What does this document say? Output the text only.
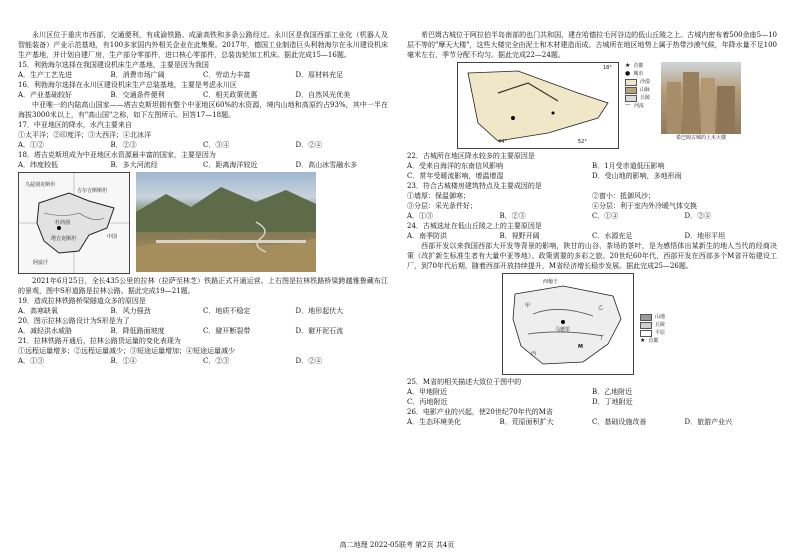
永川区位于重庆市西部，交通便利，有成渝铁路、成渝高铁和多条公路经过。永川区是我国西部工业化（机器人及智能装备）产业示范基地，有100多家国内外相关企业在此集聚。2017年，德国工业制造巨头利勃海尔在永川建设机床生产基地，并计划自建厂房，生产部分零部件，进口核心零部件，总装齿轮加工机床。据此完成15—16题。

15．利勃海尔选择在我国建设机床生产基地，主要是因为我国

A．生产工艺先进	B．消费市场广阔	C．劳动力丰富	D．原材料充足

16．利勃海尔选择在永川区建设机床生产总装基地，主要是考虑永川区

A．产业基础较好	B．交通条件便利	C．相关政策优惠	D．自然风光优美

中亚唯一的内陆高山国家——塔吉克斯坦拥有整个中亚地区60%的水资源，境内山地和高原约占93%，其中一半在海拔3000米以上，有"高山国"之称，如下左图所示。回答17—18题。

17．中亚地区的降水，水汽主要来自

①太平洋；②印度洋；③大西洋；④北冰洋

A．①②	B．②③	C．③④	D．②④

18．塔吉克斯坦成为中亚地区水资源最丰富的国家，主要是因为

A．纬度较低	B．多大河流经	C．距离海洋较近	D．高山冰雪融水多
乌兹别克斯坦
吉尔吉斯斯坦
塔吉克斯坦
杜尚别
阿富汗
中国

2021年6月25日，全长435公里的拉林（拉萨至林芝）铁路正式开通运营。上右图是拉林铁路桥梁跨越雅鲁藏布江的景观，图中S形道路是拉林公路。据此完成19—21题。

19．造成拉林铁路桥梁隧道众多的原因是

A．高寒缺氧	B．风力强劲	C．地质不稳定	D．地形起伏大

20．图示拉林公路设计为S形是为了

A．减轻洪水威胁	B．降低路面坡度	C．避开断裂带	D．避开泥石流

21．拉林铁路开通后，拉林公路货运量的变化表现为

①远程运量增多；②远程运量减少；③短途运量增加；④短途运量减少

A．①③	B．①④	C．②③	D．②④

希巴姆古城位于阿拉伯半岛南部的也门共和国，建在哈德拉毛河谷边的低山丘陵之上。古城内密布着500余座5—10层不等的"摩天大楼"，这些大楼完全由泥土和木材建造而成。古城所在地区地势上属于热带沙漠气候，年降水量不足100毫米左右，季节分配不均匀。据此完成22—24题。

18°
44°	52°
★ 首都
● 城市
沙漠
山脉
丘陵
〜 河流
希巴姆古城的土木大楼

22．古城所在地区降水较多的主要原因是

A．受来自海洋的东南信风影响	B．1月受赤道低压影响
C．常年受暖流影响，增温增湿	D．受山地的影响，多地形雨

23．符合古城楼房建筑特点及主要成因的是

①墙厚：保温御寒；	②窗小：抵御风沙；
③分层：采光条件好；	④分层：利于室内外冷暖气体交换
A．①③	B．②③	C．①④	D．②④

24．古城选址在低山丘陵之上的主要原因是

A．南季防洪	B．视野开阔	C．水源充足	D．地形平坦

西部开发以来我国西部大开发等背景的影响，陕甘的山谷、茶场的茶叶，是为感悟体出某新生的地人当代的经商决策（改扩新生标准生者有大量中亚等地）、政策需要的多彩之旅。20世纪60年代，西部开发在西部多个M省开始建设工厂，到70年代后期，随着西部开放持续提升，M省经济增长稳步发展。据此完成25—26题。

西葡王
M
甲	乙
丙
丁
马德里
山地
丘陵
平原
★ 首都

25．M省的相关描述大致位于图中的

A．甲地附近	B．乙地附近
C．丙地附近	D．丁地附近

26．电影产业的兴起，使20世纪70年代的M省

A．生态环境美化	B．荒原面积扩大	C．基础设施改善	D．旅游产业兴
高二地理 2022-05联考 第2页 共4页
